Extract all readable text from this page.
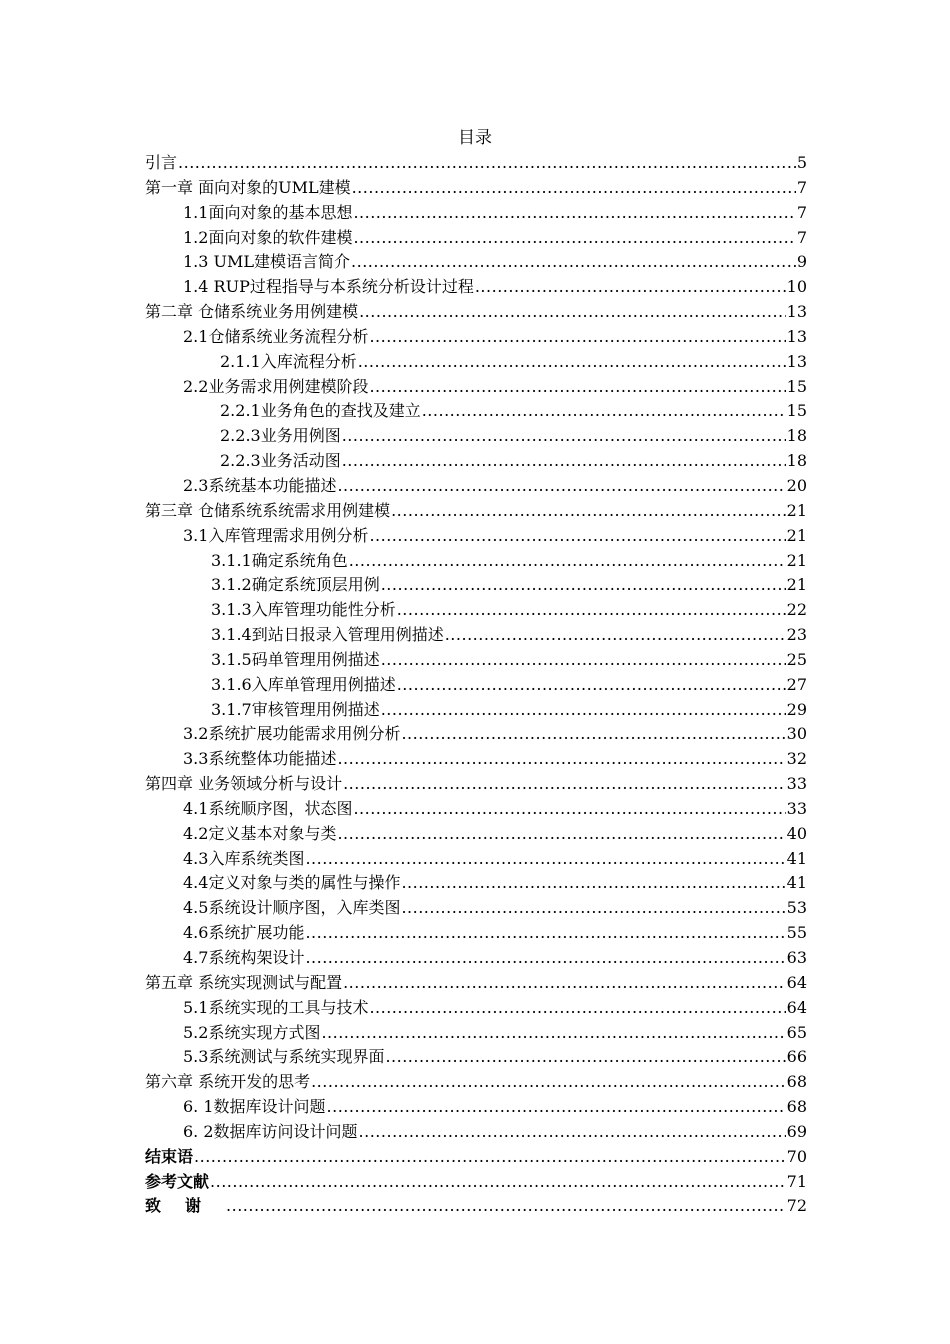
目录
引言 .....	5
第一章 面向对象的UML建模 .....	7
1.1面向对象的基本思想 .....	7
1.2面向对象的软件建模 .....	7
1.3 UML建模语言简介 .....	9
1.4 RUP过程指导与本系统分析设计过程 .....	10
第二章 仓储系统业务用例建模 .....	13
2.1仓储系统业务流程分析 .....	13
2.1.1入库流程分析 .....	13
2.2业务需求用例建模阶段 .....	15
2.2.1业务角色的查找及建立 .....	15
2.2.3业务用例图 .....	18
2.2.3业务活动图 .....	18
2.3系统基本功能描述 .....	20
第三章 仓储系统系统需求用例建模 .....	21
3.1入库管理需求用例分析 .....	21
3.1.1确定系统角色 .....	21
3.1.2确定系统顶层用例 .....	21
3.1.3入库管理功能性分析 .....	22
3.1.4到站日报录入管理用例描述 .....	23
3.1.5码单管理用例描述 .....	25
3.1.6入库单管理用例描述 .....	27
3.1.7审核管理用例描述 .....	29
3.2系统扩展功能需求用例分析 .....	30
3.3系统整体功能描述 .....	32
第四章 业务领域分析与设计 .....	33
4.1系统顺序图，状态图 .....	33
4.2定义基本对象与类 .....	40
4.3入库系统类图 .....	41
4.4定义对象与类的属性与操作 .....	41
4.5系统设计顺序图，入库类图 .....	53
4.6系统扩展功能 .....	55
4.7系统构架设计 .....	63
第五章 系统实现测试与配置 .....	64
5.1系统实现的工具与技术 .....	64
5.2系统实现方式图 .....	65
5.3系统测试与系统实现界面 .....	66
第六章 系统开发的思考 .....	68
6. 1数据库设计问题 .....	68
6. 2数据库访问设计问题 .....	69
结束语 .....	70
参考文献 .....	71
致谢 .....	72
